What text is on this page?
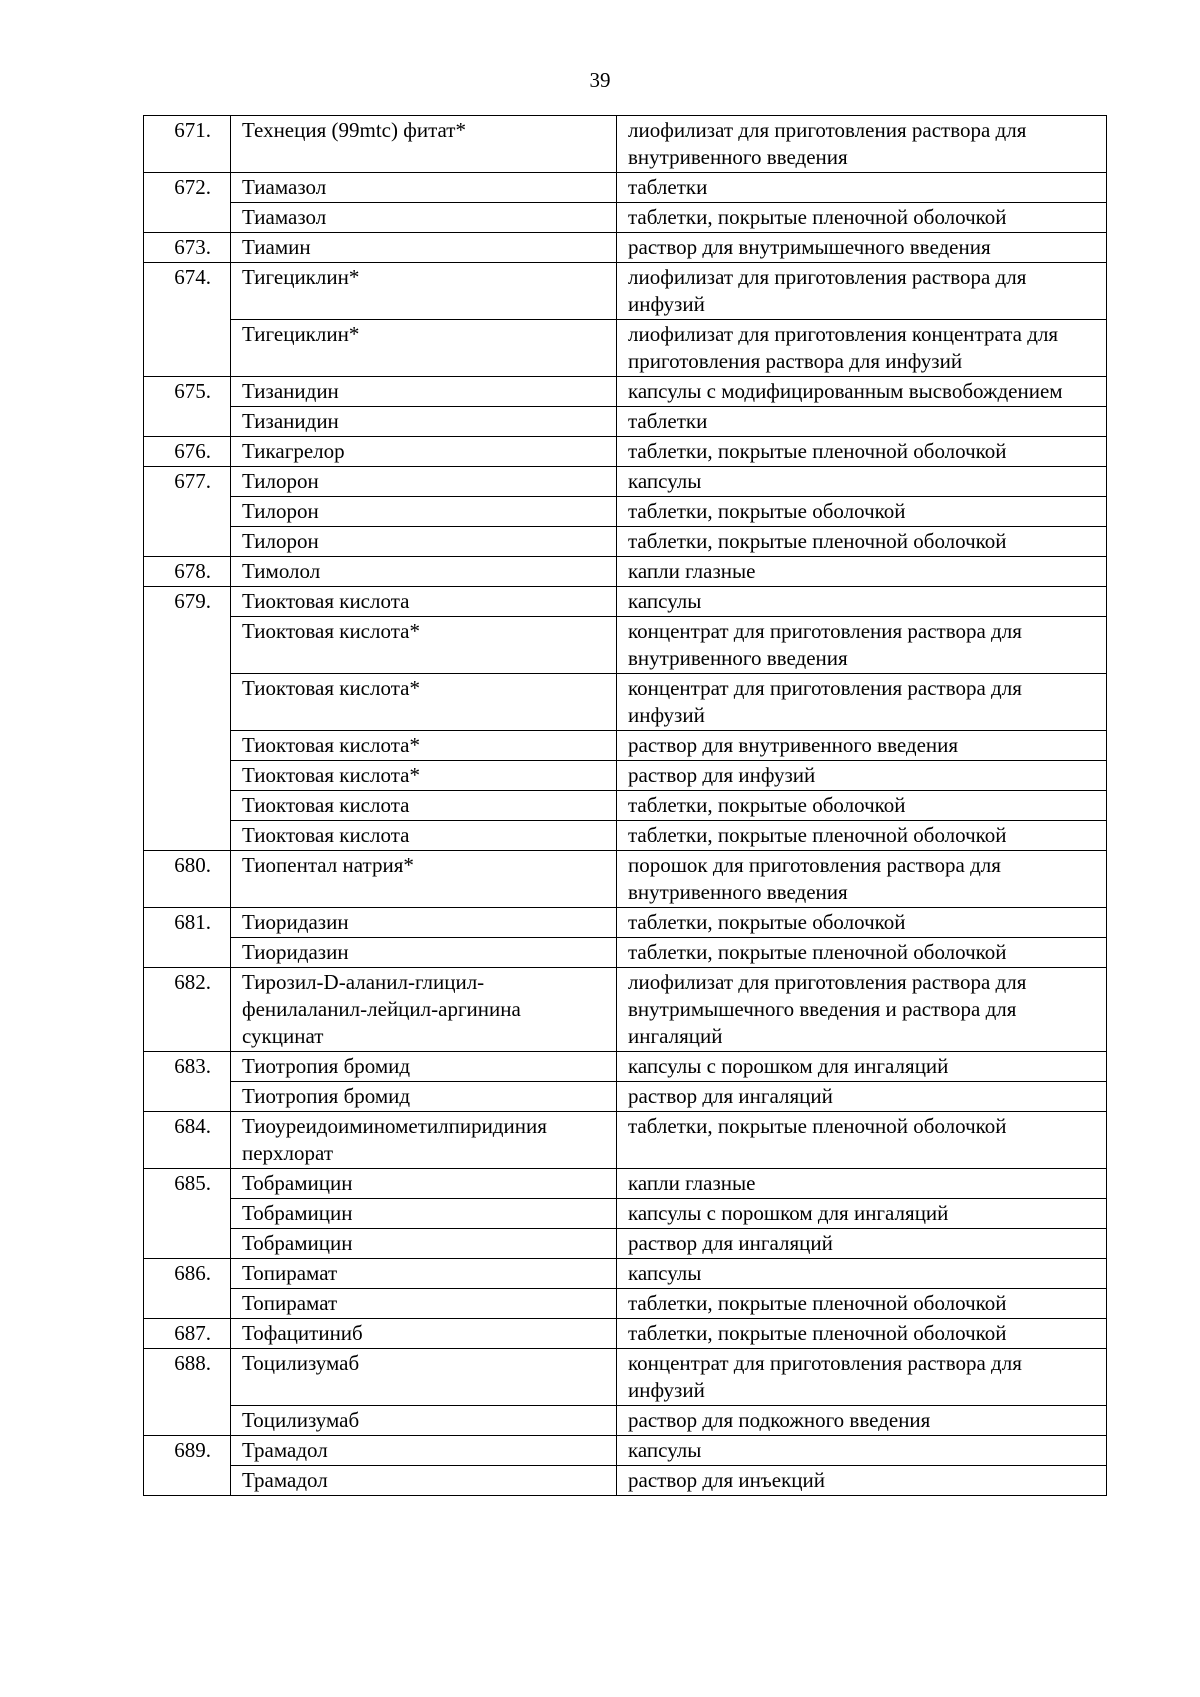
39
671.	Технеция (99mtc) фитат*	лиофилизат для приготовления раствора для внутривенного введения
672.	Тиамазол	таблетки
	Тиамазол	таблетки, покрытые пленочной оболочкой
673.	Тиамин	раствор для внутримышечного введения
674.	Тигециклин*	лиофилизат для приготовления раствора для инфузий
	Тигециклин*	лиофилизат для приготовления концентрата для приготовления раствора для инфузий
675.	Тизанидин	капсулы с модифицированным высвобождением
	Тизанидин	таблетки
676.	Тикагрелор	таблетки, покрытые пленочной оболочкой
677.	Тилорон	капсулы
	Тилорон	таблетки, покрытые оболочкой
	Тилорон	таблетки, покрытые пленочной оболочкой
678.	Тимолол	капли глазные
679.	Тиоктовая кислота	капсулы
	Тиоктовая кислота*	концентрат для приготовления раствора для внутривенного введения
	Тиоктовая кислота*	концентрат для приготовления раствора для инфузий
	Тиоктовая кислота*	раствор для внутривенного введения
	Тиоктовая кислота*	раствор для инфузий
	Тиоктовая кислота	таблетки, покрытые оболочкой
	Тиоктовая кислота	таблетки, покрытые пленочной оболочкой
680.	Тиопентал натрия*	порошок для приготовления раствора для внутривенного введения
681.	Тиоридазин	таблетки, покрытые оболочкой
	Тиоридазин	таблетки, покрытые пленочной оболочкой
682.	Тирозил-D-аланил-глицил-фенилаланил-лейцил-аргинина сукцинат	лиофилизат для приготовления раствора для внутримышечного введения и раствора для ингаляций
683.	Тиотропия бромид	капсулы с порошком для ингаляций
	Тиотропия бромид	раствор для ингаляций
684.	Тиоуреидоиминометилпиридиния перхлорат	таблетки, покрытые пленочной оболочкой
685.	Тобрамицин	капли глазные
	Тобрамицин	капсулы с порошком для ингаляций
	Тобрамицин	раствор для ингаляций
686.	Топирамат	капсулы
	Топирамат	таблетки, покрытые пленочной оболочкой
687.	Тофацитиниб	таблетки, покрытые пленочной оболочкой
688.	Тоцилизумаб	концентрат для приготовления раствора для инфузий
	Тоцилизумаб	раствор для подкожного введения
689.	Трамадол	капсулы
	Трамадол	раствор для инъекций
